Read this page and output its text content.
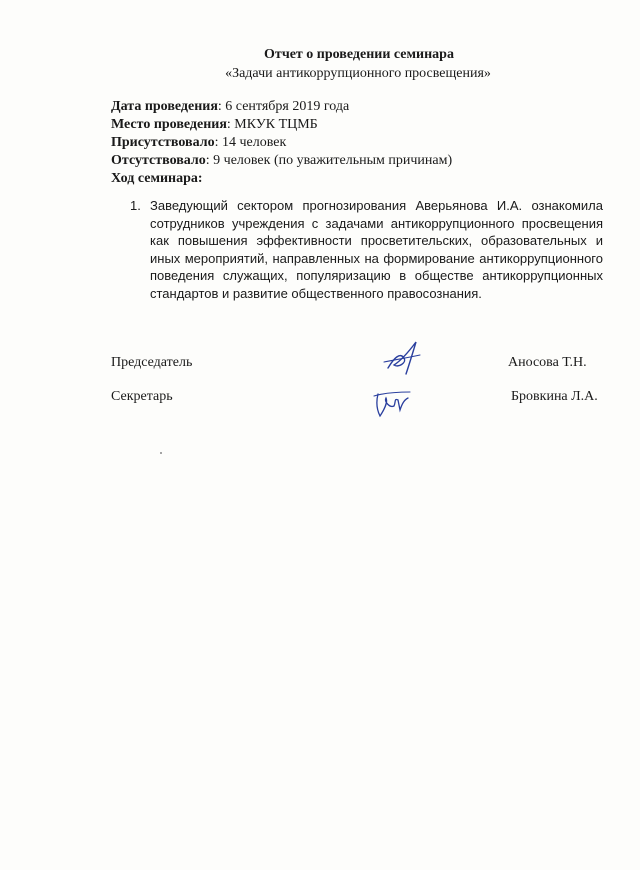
Отчет о проведении семинара
«Задачи антикоррупционного просвещения»
Дата проведения: 6 сентября 2019 года
Место проведения: МКУК ТЦМБ
Присутствовало: 14 человек
Отсутствовало: 9 человек (по уважительным причинам)
Ход семинара:
1. Заведующий сектором прогнозирования Аверьянова И.А. ознакомила сотрудников учреждения с задачами антикоррупционного просвещения как повышения эффективности просветительских, образовательных и иных мероприятий, направленных на формирование антикоррупционного поведения служащих, популяризацию в обществе антикоррупционных стандартов и развитие общественного правосознания.
Председатель	Аносова Т.Н.
Секретарь	Бровкина Л.А.
